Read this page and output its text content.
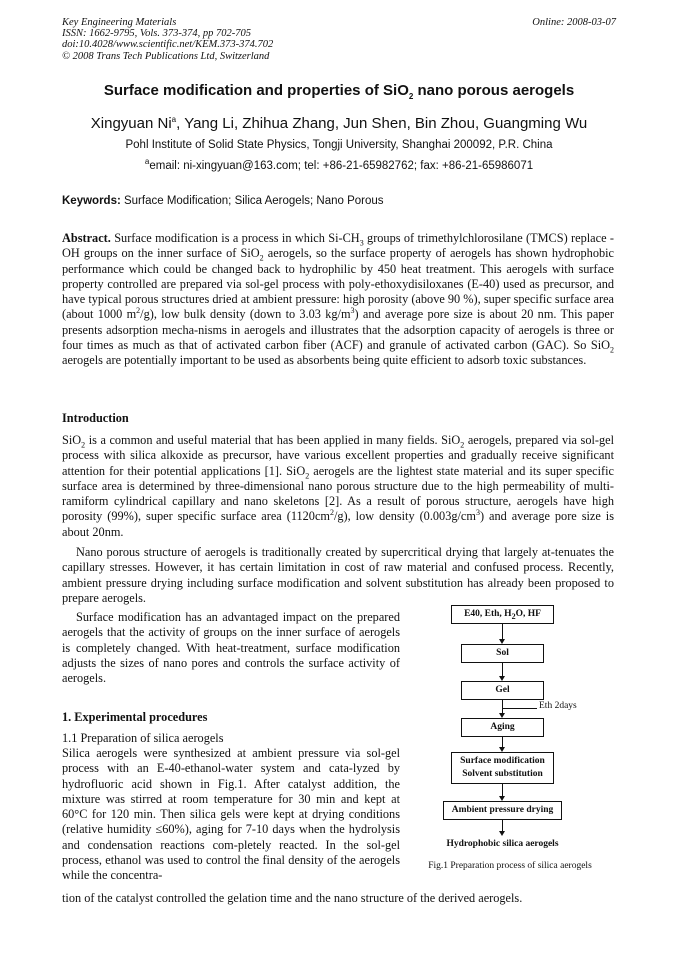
Key Engineering Materials
ISSN: 1662-9795, Vols. 373-374, pp 702-705
doi:10.4028/www.scientific.net/KEM.373-374.702
© 2008 Trans Tech Publications Ltd, Switzerland
Online: 2008-03-07
Surface modification and properties of SiO$_2$ nano porous aerogels
Xingyuan Ni$^a$, Yang Li, Zhihua Zhang, Jun Shen, Bin Zhou, Guangming Wu
Pohl Institute of Solid State Physics, Tongji University, Shanghai 200092, P.R. China
$^a$email: ni-xingyuan@163.com; tel: +86-21-65982762; fax: +86-21-65986071
Keywords: Surface Modification; Silica Aerogels; Nano Porous

Abstract. Surface modification is a process in which $Si-CH_3$ groups of trimethylchlorosilane (TMCS) replace -OH groups on the inner surface of SiO$_2$ aerogels, so the surface property of aerogels has shown hydrophobic performance which could be changed back to hydrophilic by 450 heat treatment. This aerogels with surface property controlled are prepared via sol-gel process with poly-ethoxydisiloxanes (E-40) used as precursor, and have typical porous structures dried at ambient pressure: high porosity (above 90 %), super specific surface area (about 1000 $m^2/g$), low bulk density (down to 3.03 $kg/m^3$) and average pore size is about 20 nm. This paper presents adsorption mecha-nisms in aerogels and illustrates that the adsorption capacity of aerogels is three or four times as much as that of activated carbon fiber (ACF) and granule of activated carbon (GAC). So SiO$_2$ aerogels are potentially important to be used as absorbents being quite efficient to adsorb toxic substances.

Introduction

SiO$_2$ is a common and useful material that has been applied in many fields. SiO$_2$ aerogels, prepared via sol-gel process with silica alkoxide as precursor, have various excellent properties and gradually receive significant attention for their potential applications [1]. SiO$_2$ aerogels are the lightest state material and its super specific surface area is determined by three-dimensional nano porous structure due to the high permeability of multi-ramiform cylindrical capillary and nano skeletons [2]. As a result of porous structure, aerogels have high porosity (99%), super specific surface area $(1120cm^2/g)$, low density $(0.003g/cm^3)$ and average pore size is about 20nm.

Nano porous structure of aerogels is traditionally created by supercritical drying that largely at-tenuates the capillary stresses. However, it has certain limitation in cost of raw material and confused process. Recently, ambient pressure drying including surface modification and solvent substitution has already been proposed to prepare aerogels.

Surface modification has an advantaged impact on the prepared aerogels that the activity of groups on the inner surface of aerogels is completely changed. With heat-treatment, surface modification adjusts the sizes of nano pores and controls the surface activity of aerogels.

1. Experimental procedures
1.1 Preparation of silica aerogels

Silica aerogels were synthesized at ambient pressure via sol-gel process with an E-40-ethanol-water system and cata-lyzed by hydrofluoric acid shown in Fig.1. After catalyst addition, the mixture was stirred at room temperature for 30 min and kept at 60°C for 120 min. Then silica gels were kept at drying conditions (relative humidity ≤60%), aging for 7-10 days when the hydrolysis and condensation reactions com-pletely reacted. In the sol-gel process, ethanol was used to control the final density of the aerogels while the concentra-

tion of the catalyst controlled the gelation time and the nano structure of the derived aerogels.

E40, Eth, $H_2O$, HF
Sol
Gel
Eth 2days
Aging
Surface modification
Solvent substitution
Ambient pressure drying
Hydrophobic silica aerogels
Fig.1 Preparation process of silica aerogels
